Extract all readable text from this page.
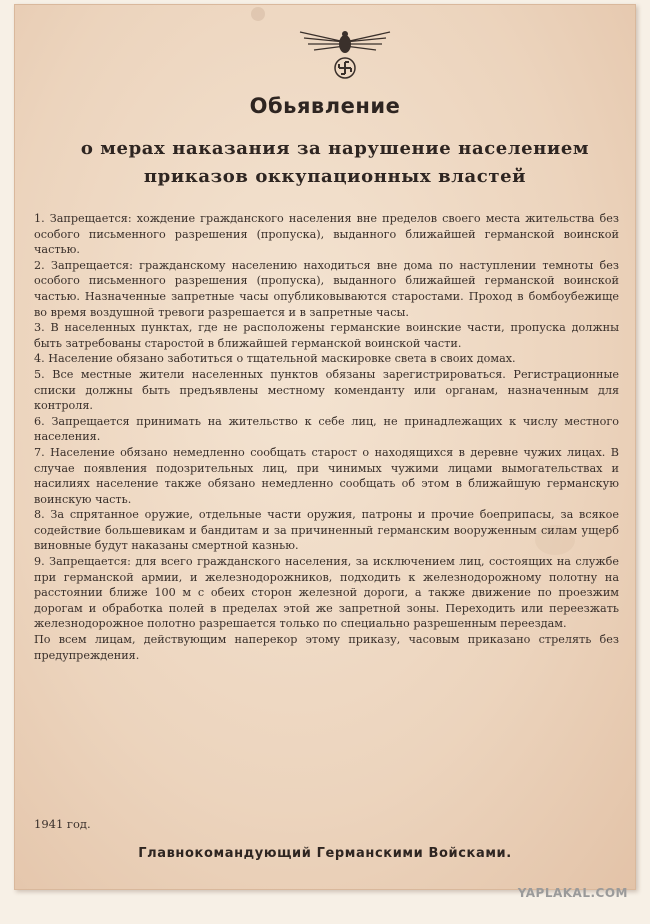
Обьявление
о мерах наказания за нарушение населением
приказов оккупационных властей

1. Запрещается: хождение гражданского населения вне пределов своего места жительства без особого письменного разрешения (пропуска), выданного ближайшей германской воинской частью.

2. Запрещается: гражданскому населению находиться вне дома по наступлении темноты без особого письменного разрешения (пропуска), выданного ближайшей германской воинской частью. Назначенные запретные часы опубликовываются старостами. Проход в бомбоубежище во время воздушной тревоги разрешается и в запретные часы.

3. В населенных пунктах, где не расположены германские воинские части, пропуска должны быть затребованы старостой в ближайшей германской воинской части.

4. Население обязано заботиться о тщательной маскировке света в своих домах.

5. Все местные жители населенных пунктов обязаны зарегистрироваться. Регистрационные списки должны быть предъявлены местному коменданту или органам, назначенным для контроля.

6. Запрещается принимать на жительство к себе лиц, не принадлежащих к числу местного населения.

7. Население обязано немедленно сообщать старост о находящихся в деревне чужих лицах. В случае появления подозрительных лиц, при чинимых чужими лицами вымогательствах и насилиях население также обязано немедленно сообщать об этом в ближайшую германскую воинскую часть.

8. За спрятанное оружие, отдельные части оружия, патроны и прочие боеприпасы, за всякое содействие большевикам и бандитам и за причиненный германским вооруженным силам ущерб виновные будут наказаны смертной казнью.

9. Запрещается: для всего гражданского населения, за исключением лиц, состоящих на службе при германской армии, и железнодорожников, подходить к железнодорожному полотну на расстоянии ближе 100 м с обеих сторон железной дороги, а также движение по проезжим дорогам и обработка полей в пределах этой же запретной зоны. Переходить или переезжать железнодорожное полотно разрешается только по специально разрешенным переездам.

По всем лицам, действующим наперекор этому приказу, часовым приказано стрелять без предупреждения.

1941 год.
Главнокомандующий Германскими Войсками.
YAPLAKAL.COM
